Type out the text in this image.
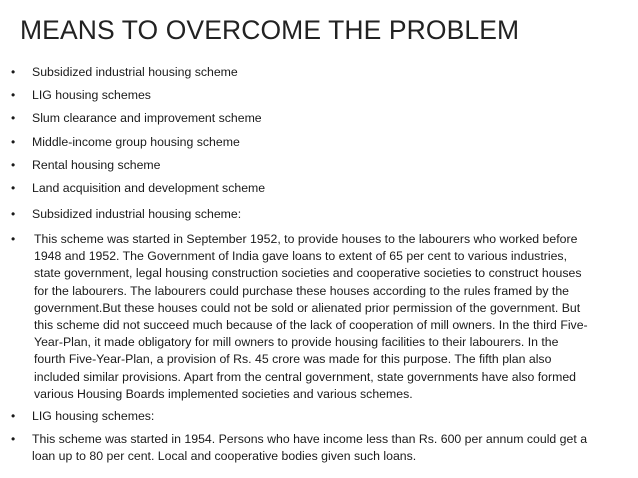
MEANS TO OVERCOME THE PROBLEM
•	Subsidized industrial housing scheme
•	LIG housing schemes
•	Slum clearance and improvement scheme
•	Middle-income group housing scheme
•	Rental housing scheme
•	Land acquisition and development scheme
•	Subsidized industrial housing scheme:
•	This scheme was started in September 1952, to provide houses to the labourers who worked before
1948 and 1952. The Government of India gave loans to extent of 65 per cent to various industries,
state government, legal housing construction societies and cooperative societies to construct houses
for the labourers. The labourers could purchase these houses according to the rules framed by the
government.But these houses could not be sold or alienated prior permission of the government. But
this scheme did not succeed much because of the lack of cooperation of mill owners. In the third Five-
Year-Plan, it made obligatory for mill owners to provide housing facilities to their labourers. In the
fourth Five-Year-Plan, a provision of Rs. 45 crore was made for this purpose. The fifth plan also
included similar provisions. Apart from the central government, state governments have also formed
various Housing Boards implemented societies and various schemes.
•	LIG housing schemes:
•	This scheme was started in 1954. Persons who have income less than Rs. 600 per annum could get a
loan up to 80 per cent. Local and cooperative bodies given such loans.
